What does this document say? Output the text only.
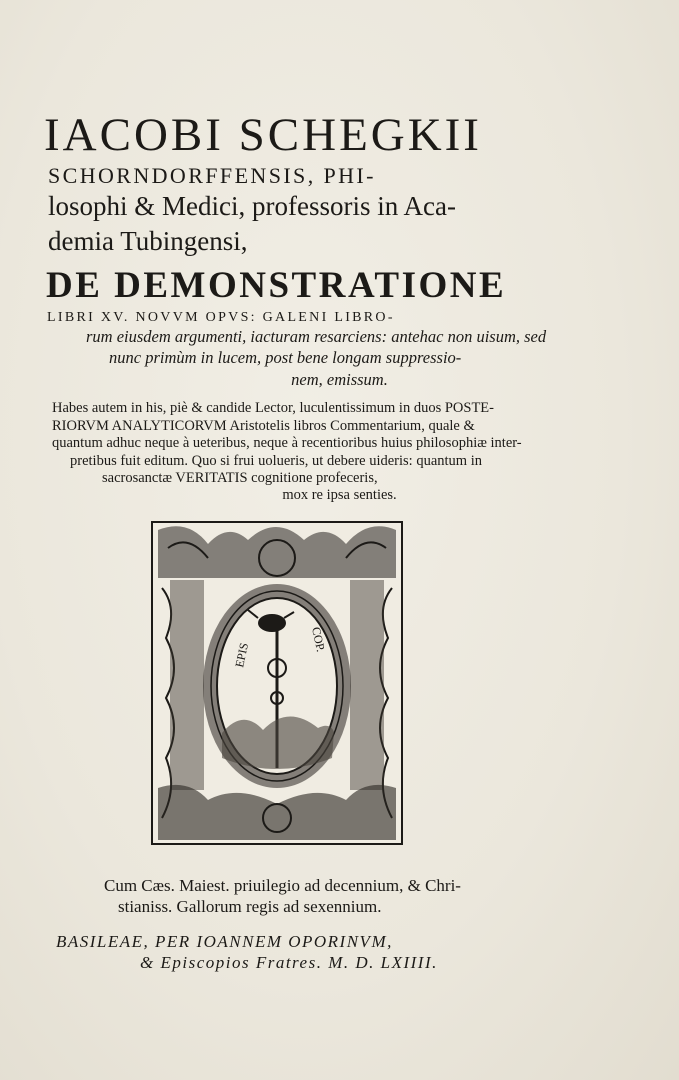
IACOBI SCHEGKII
SCHORNDORFFENSIS, PHI-
losophi & Medici, professoris in Aca-
demia Tubingensi,
DE DEMONSTRATIONE
LIBRI XV. NOVVM OPVS: GALENI LIBRO-
rum eiusdem argumenti, iacturam resarciens: antehac non uisum, sed
nunc primùm in lucem, post bene longam suppressio-
nem, emissum.
Habes autem in his, piè & candide Lector, luculentissimum in duos POSTE-
RIORVM ANALYTICORVM Aristotelis libros Commentarium, quale &
quantum adhuc neque à ueteribus, neque à recentioribus huius philosophiæ inter-
pretibus fuit editum. Quo si frui uolueris, ut debere uideris: quantum in
sacrosanctæ VERITATIS cognitione profeceris,
mox re ipsa senties.
EPIS
COP.
Cum Cæs. Maiest. priuilegio ad decennium, & Chri-
stianiss. Gallorum regis ad sexennium.
BASILEAE, PER IOANNEM OPORINVM,
& Episcopios Fratres. M. D. LXIIII.
